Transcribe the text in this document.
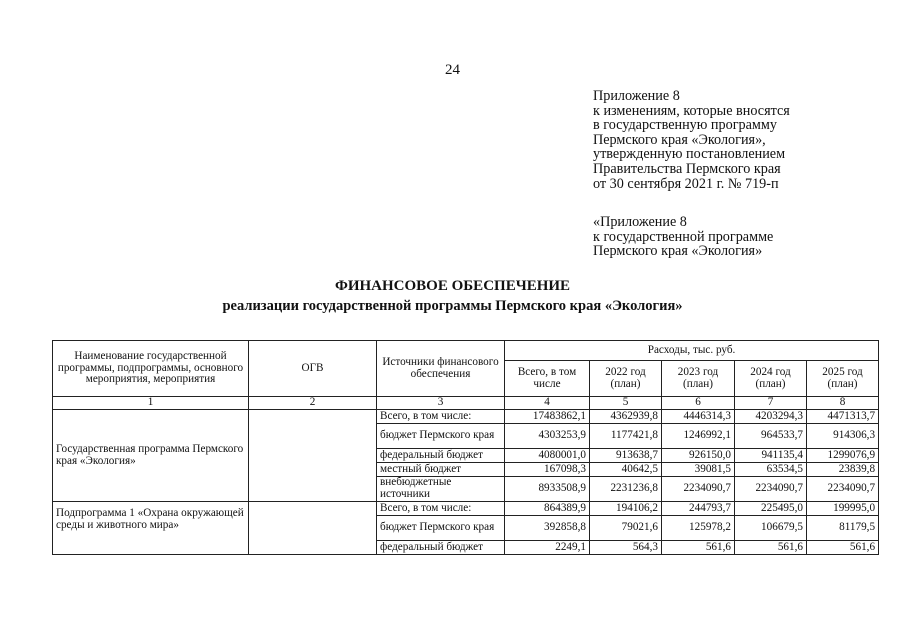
24
Приложение 8
к изменениям, которые вносятся
в государственную программу
Пермского края «Экология»,
утвержденную постановлением
Правительства Пермского края
от 30 сентября 2021 г. № 719-п
«Приложение 8
к государственной программе
Пермского края «Экология»
ФИНАНСОВОЕ ОБЕСПЕЧЕНИЕ
реализации государственной программы Пермского края «Экология»
Наименование государственной программы, подпрограммы, основного мероприятия, мероприятия	ОГВ	Источники финансового обеспечения	Расходы, тыс. руб.				
			Всего, в том числе	2022 год (план)	2023 год (план)	2024 год (план)	2025 год (план)
1	2	3	4	5	6	7	8
Государственная программа Пермского края «Экология»		Всего, в том числе:	17483862,1	4362939,8	4446314,3	4203294,3	4471313,7
		бюджет Пермского края	4303253,9	1177421,8	1246992,1	964533,7	914306,3
		федеральный бюджет	4080001,0	913638,7	926150,0	941135,4	1299076,9
		местный бюджет	167098,3	40642,5	39081,5	63534,5	23839,8
		внебюджетные источники	8933508,9	2231236,8	2234090,7	2234090,7	2234090,7
Подпрограмма 1 «Охрана окружающей среды и животного мира»		Всего, в том числе:	864389,9	194106,2	244793,7	225495,0	199995,0
		бюджет Пермского края	392858,8	79021,6	125978,2	106679,5	81179,5
		федеральный бюджет	2249,1	564,3	561,6	561,6	561,6
